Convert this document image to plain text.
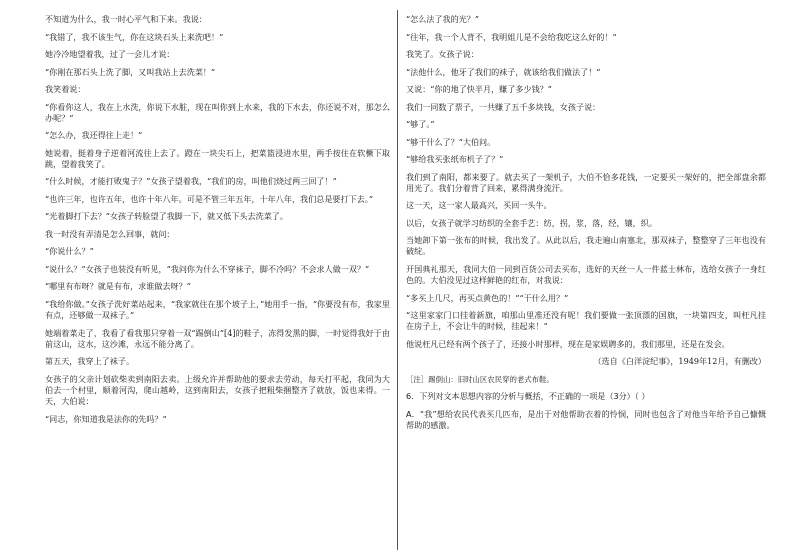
不知道为什么，我一时心平气和下来。我说：

“我错了，我不该生气，你在这块石头上来洗吧！”

她冷冷地望着我，过了一会儿才说：

“你刚在那石头上洗了脚，又叫我站上去洗菜！”

我笑着说：

“你看你这人，我在上水洗，你说下水脏，现在叫你到上水来，我的下水去，你还说不对，那怎么办呢？”

“怎么办，我还得往上走！”

她说着，挺着身子逆着河流往上去了。蹬在一块尖石上，把菜篮浸进水里，两手按住在软橛下取跳，望着我笑了。

“什么时候，才能打败鬼子？”女孩子望着我，“我们的房，叫他们烧过两三回了！”

“也许三年，也许五年，也许十年八年。可是不管三年五年，十年八年，我们总是要打下去。”

“光着脚打下去？”女孩子转脸望了我脚一下，就又低下头去洗菜了。

我一时没有弄清是怎么回事，就问：

“你说什么？”

“说什么？”女孩子也装没有听见，“我问你为什么不穿袜子，脚不冷吗？不会求人做一双？”

“哪里有布呀？就是有布，求谁做去呀？”

“我给你做。”女孩子洗好菜站起来，“我家就住在那个坡子上，”她用手一指，“你要没有布，我家里有点，还够做一双袜子。”

她端着菜走了，我看了看我那只穿着一双“踢倒山”[4]的鞋子，冻得发黑的脚，一时觉得我好于由前这山，这水，这沙滩，永远不能分离了。

第五天，我穿上了袜子。

女孩子的父亲计划砍柴卖到南阳去卖。上级允许并帮助他的要求去劳动，每天打平起，我同为大伯去一个村里，顺着河沟，爬山越岭，这到南阳去，女孩子把粗柴捆整齐了就放，饭也来得。一天，大伯说：

“同志，你知道我是法你的先吗？”

“怎么法了我的光？”

“往年，我一个人背不，我明姐儿是不会给我吃这么好的！”

我笑了。女孩子说：

“法他什么，他牙了我们的袜子，就该给我们做法了！”

又说：“你的地了快半月，赚了多少钱？”

我们一同数了票子，一共赚了五千多块钱，女孩子说：

“够了。”

“够干什么了？”大伯问。

“够给我买张纸布机子了？”

我们到了南阳，都来要了。就去买了一架机子，大伯不恰多花钱，一定要买一架好的，把全部盘余都用光了。我们分着背了回来，累得满身流汗。

这一天，这一家人最高兴，买回一头牛。

以后，女孩子就学习纺织的全套手艺：纺，拐，浆，落，经，镶，织。

当她卸下第一张布的时候，我出发了。从此以后，我走遍山南塞北，那双袜子，整整穿了三年也没有破绽。

开国典礼那天，我同大伯一同到百货公司去买布，选好的天丝一人一件蓝士林布，选给女孩子一身红色的。大伯没见过这样鲜艳的红布，对我说：

“多买上几尺，再买点黄色的！”“干什么用？”

“这里家家门口挂着新旗，咱那山里准还没有呢！我们要做一张顶漂的国旗，一块第四支，叫枉凡挂在房子上，不会让牛的时候，挂起来！”

他说枉凡已经有两个孩子了，还接小时那样，现在是家娱聘多的，我们那里，还是在发会。

（选自《白洋淀纪事》，1949年12月，有删改）

［注］踢倒山：旧时山区农民穿的老式布鞋。

6．下列对文本思想内容的分析与概括，不正确的一项是（3分）（ ）

A．“我”想给农民代表买几匹布，是出于对他帮助衣着的怜悯，同时也包含了对他当年给予自己慷慨帮助的感激。
